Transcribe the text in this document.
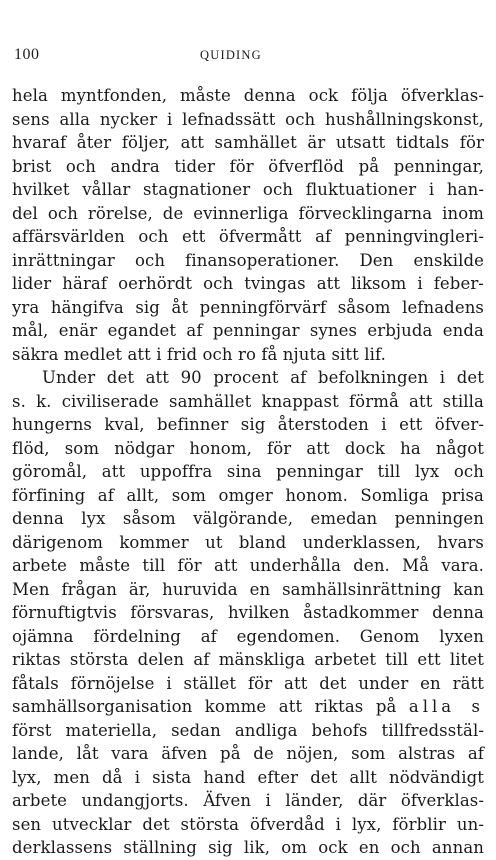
100	QUIDING
hela myntfonden, måste denna ock följa öfverklas-
sens alla nycker i lefnadssätt och hushållningskonst,
hvaraf åter följer, att samhället är utsatt tidtals för
brist och andra tider för öfverflöd på penningar,
hvilket vållar stagnationer och fluktuationer i han-
del och rörelse, de evinnerliga förvecklingarna inom
affärsvärlden och ett öfvermått af penningvingleri-
inrättningar och finansoperationer. Den enskilde
lider häraf oerhördt och tvingas att liksom i feber-
yra hängifva sig åt penningförvärf såsom lefnadens
mål, enär egandet af penningar synes erbjuda enda
säkra medlet att i frid och ro få njuta sitt lif.
Under det att 90 procent af befolkningen i det
s. k. civiliserade samhället knappast förmå att stilla
hungerns kval, befinner sig återstoden i ett öfver-
flöd, som nödgar honom, för att dock ha något
göromål, att uppoffra sina penningar till lyx och
förfining af allt, som omger honom. Somliga prisa
denna lyx såsom välgörande, emedan penningen
därigenom kommer ut bland underklassen, hvars
arbete måste till för att underhålla den. Må vara.
Men frågan är, huruvida en samhällsinrättning kan
förnuftigtvis försvaras, hvilken åstadkommer denna
ojämna fördelning af egendomen. Genom lyxen
riktas största delen af mänskliga arbetet till ett litet
fåtals förnöjelse i stället för att det under en rätt
samhällsorganisation komme att riktas på alla s
först materiella, sedan andliga behofs tillfredsstäl-
lande, låt vara äfven på de nöjen, som alstras af
lyx, men då i sista hand efter det allt nödvändigt
arbete undangjorts. Äfven i länder, där öfverklas-
sen utvecklar det största öfverdåd i lyx, förblir un-
derklassens ställning sig lik, om ock en och annan
